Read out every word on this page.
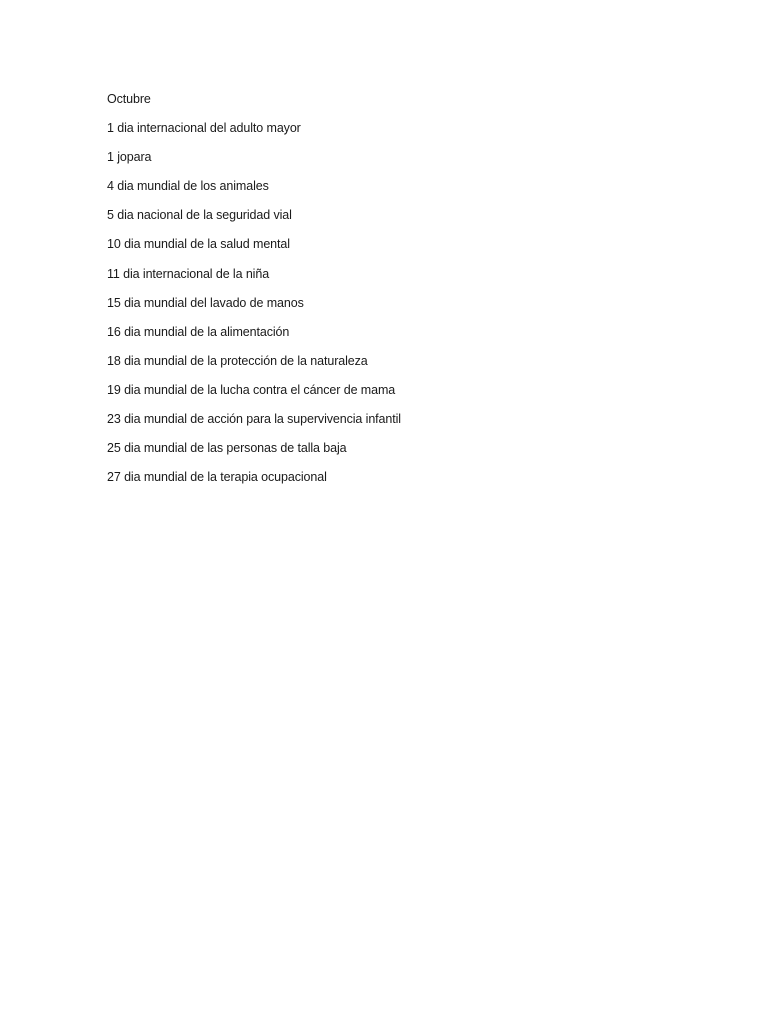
Octubre
1 dia internacional del adulto mayor
1 jopara
4 dia mundial de los animales
5 dia nacional de la seguridad vial
10 dia mundial de la salud mental
11 dia internacional de la niña
15 dia mundial del lavado de manos
16 dia mundial de la alimentación
18 dia mundial de la protección de la naturaleza
19 dia mundial de la lucha contra el cáncer de mama
23 dia mundial de acción para la supervivencia infantil
25 dia mundial de las personas de talla baja
27 dia mundial de la terapia ocupacional
